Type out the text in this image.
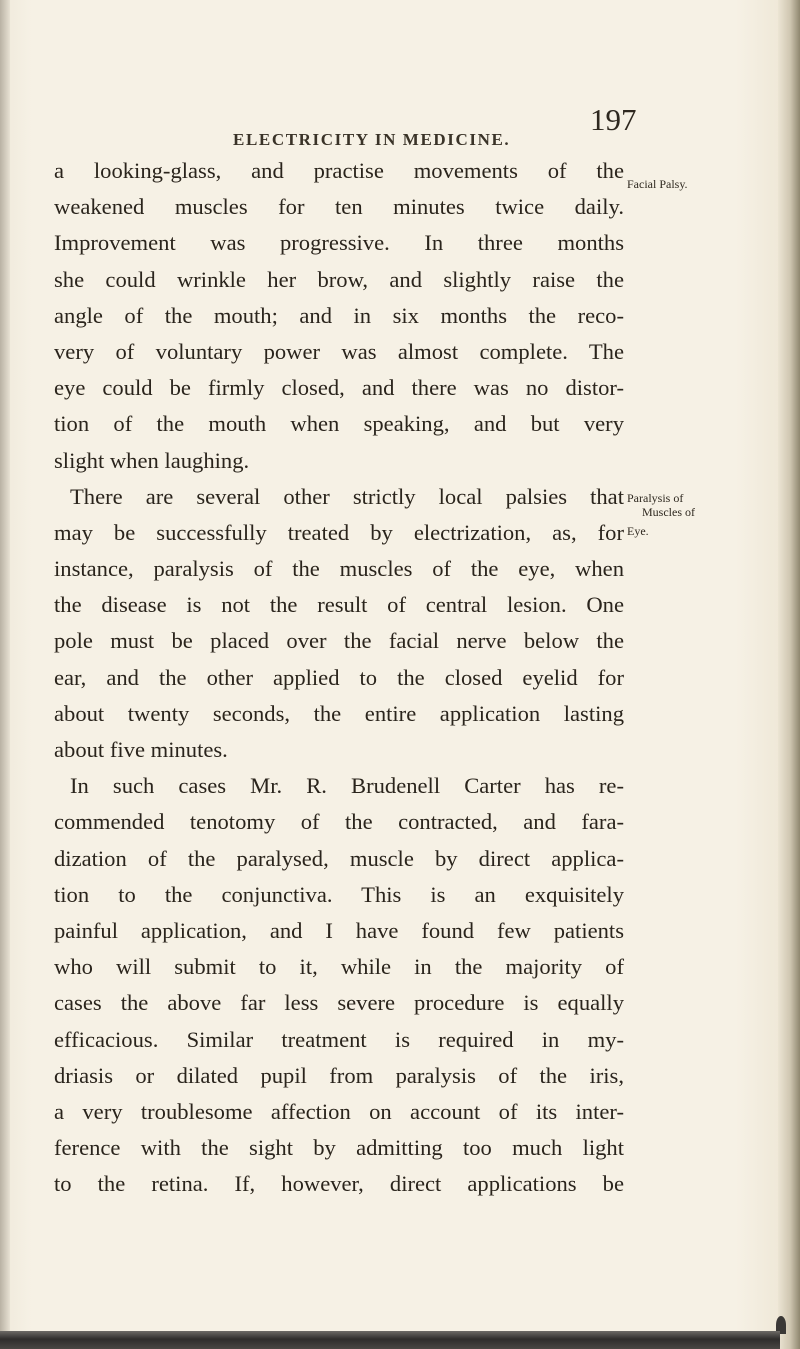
ELECTRICITY IN MEDICINE.
197
Facial Palsy.
Paralysis of
Muscles of
Eye.
a looking-glass, and practise movements of the
weakened muscles for ten minutes twice daily.
Improvement was progressive. In three months
she could wrinkle her brow, and slightly raise the
angle of the mouth; and in six months the reco-
very of voluntary power was almost complete. The
eye could be firmly closed, and there was no distor-
tion of the mouth when speaking, and but very
slight when laughing.
There are several other strictly local palsies that
may be successfully treated by electrization, as, for
instance, paralysis of the muscles of the eye, when
the disease is not the result of central lesion. One
pole must be placed over the facial nerve below the
ear, and the other applied to the closed eyelid for
about twenty seconds, the entire application lasting
about five minutes.
In such cases Mr. R. Brudenell Carter has re-
commended tenotomy of the contracted, and fara-
dization of the paralysed, muscle by direct applica-
tion to the conjunctiva. This is an exquisitely
painful application, and I have found few patients
who will submit to it, while in the majority of
cases the above far less severe procedure is equally
efficacious. Similar treatment is required in my-
driasis or dilated pupil from paralysis of the iris,
a very troublesome affection on account of its inter-
ference with the sight by admitting too much light
to the retina. If, however, direct applications be
